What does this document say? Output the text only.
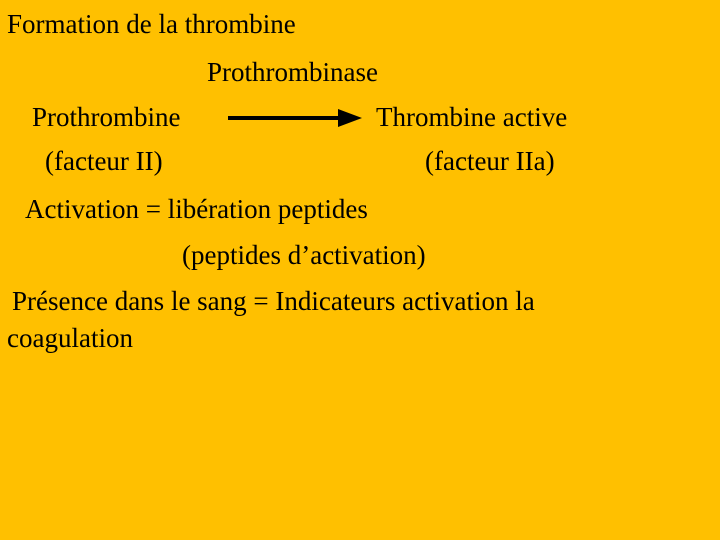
Formation de la thrombine
Prothrombinase
Prothrombine	Thrombine active
(facteur II)	(facteur IIa)
Activation = libération peptides
(peptides d’activation)
Présence dans le sang = Indicateurs activation la
coagulation
